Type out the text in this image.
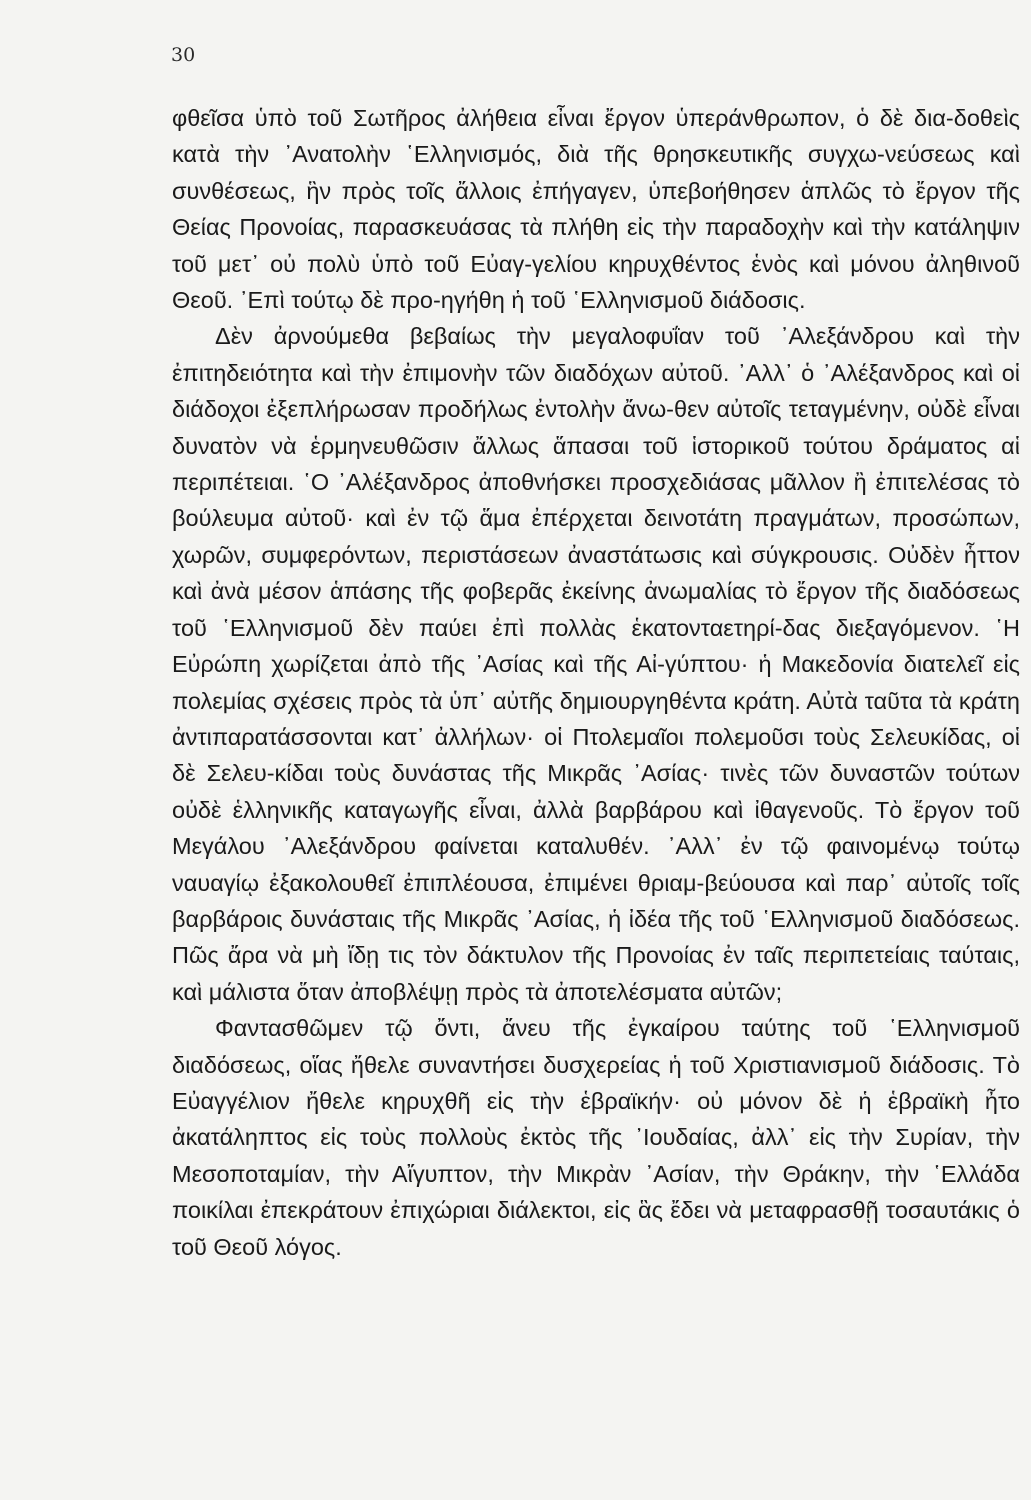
30

φθεῖσα ὑπὸ τοῦ Σωτῆρος ἀλήθεια εἶναι ἔργον ὑπεράνθρωπον, ὁ δὲ δια-δοθεὶς κατὰ τὴν ᾿Ανατολὴν ῾Ελληνισμός, διὰ τῆς θρησκευτικῆς συγχω-νεύσεως καὶ συνθέσεως, ἣν πρὸς τοῖς ἄλλοις ἐπήγαγεν, ὑπεβοήθησεν ἁπλῶς τὸ ἔργον τῆς Θείας Προνοίας, παρασκευάσας τὰ πλήθη εἰς τὴν παραδοχὴν καὶ τὴν κατάληψιν τοῦ μετ᾿ οὐ πολὺ ὑπὸ τοῦ Εὐαγ-γελίου κηρυχθέντος ἑνὸς καὶ μόνου ἀληθινοῦ Θεοῦ. ᾿Επὶ τούτῳ δὲ προ-ηγήθη ἡ τοῦ ῾Ελληνισμοῦ διάδοσις.

Δὲν ἀρνούμεθα βεβαίως τὴν μεγαλοφυΐαν τοῦ ᾿Αλεξάνδρου καὶ τὴν ἐπιτηδειότητα καὶ τὴν ἐπιμονὴν τῶν διαδόχων αὐτοῦ. ᾿Αλλ᾿ ὁ ᾿Αλέξανδρος καὶ οἱ διάδοχοι ἐξεπλήρωσαν προδήλως ἐντολὴν ἄνω-θεν αὐτοῖς τεταγμένην, οὐδὲ εἶναι δυνατὸν νὰ ἑρμηνευθῶσιν ἄλλως ἅπασαι τοῦ ἱστορικοῦ τούτου δράματος αἱ περιπέτειαι. ῾Ο ᾿Αλέξανδρος ἀποθνήσκει προσχεδιάσας μᾶλλον ἢ ἐπιτελέσας τὸ βούλευμα αὐτοῦ· καὶ ἐν τῷ ἅμα ἐπέρχεται δεινοτάτη πραγμάτων, προσώπων, χωρῶν, συμφερόντων, περιστάσεων ἀναστάτωσις καὶ σύγκρουσις. Οὐδὲν ἧττον καὶ ἀνὰ μέσον ἁπάσης τῆς φοβερᾶς ἐκείνης ἀνωμαλίας τὸ ἔργον τῆς διαδόσεως τοῦ ῾Ελληνισμοῦ δὲν παύει ἐπὶ πολλὰς ἑκατονταετηρί-δας διεξαγόμενον. ῾Η Εὐρώπη χωρίζεται ἀπὸ τῆς ᾿Ασίας καὶ τῆς Αἰ-γύπτου· ἡ Μακεδονία διατελεῖ εἰς πολεμίας σχέσεις πρὸς τὰ ὑπ᾿ αὐτῆς δημιουργηθέντα κράτη. Αὐτὰ ταῦτα τὰ κράτη ἀντιπαρατάσσονται κατ᾿ ἀλλήλων· οἱ Πτολεμαῖοι πολεμοῦσι τοὺς Σελευκίδας, οἱ δὲ Σελευ-κίδαι τοὺς δυνάστας τῆς Μικρᾶς ᾿Ασίας· τινὲς τῶν δυναστῶν τούτων οὐδὲ ἑλληνικῆς καταγωγῆς εἶναι, ἀλλὰ βαρβάρου καὶ ἰθαγενοῦς. Τὸ ἔργον τοῦ Μεγάλου ᾿Αλεξάνδρου φαίνεται καταλυθέν. ᾿Αλλ᾿ ἐν τῷ φαινομένῳ τούτῳ ναυαγίῳ ἐξακολουθεῖ ἐπιπλέουσα, ἐπιμένει θριαμ-βεύουσα καὶ παρ᾿ αὐτοῖς τοῖς βαρβάροις δυνάσταις τῆς Μικρᾶς ᾿Ασίας, ἡ ἰδέα τῆς τοῦ ῾Ελληνισμοῦ διαδόσεως. Πῶς ἄρα νὰ μὴ ἴδῃ τις τὸν δάκτυλον τῆς Προνοίας ἐν ταῖς περιπετείαις ταύταις, καὶ μάλιστα ὅταν ἀποβλέψῃ πρὸς τὰ ἀποτελέσματα αὐτῶν;

Φαντασθῶμεν τῷ ὄντι, ἄνευ τῆς ἐγκαίρου ταύτης τοῦ ῾Ελληνισμοῦ διαδόσεως, οἵας ἤθελε συναντήσει δυσχερείας ἡ τοῦ Χριστιανισμοῦ διάδοσις. Τὸ Εὐαγγέλιον ἤθελε κηρυχθῆ εἰς τὴν ἑβραϊκήν· οὐ μόνον δὲ ἡ ἑβραϊκὴ ἦτο ἀκατάληπτος εἰς τοὺς πολλοὺς ἐκτὸς τῆς ᾿Ιουδαίας, ἀλλ᾿ εἰς τὴν Συρίαν, τὴν Μεσοποταμίαν, τὴν Αἴγυπτον, τὴν Μικρὰν ᾿Ασίαν, τὴν Θράκην, τὴν ῾Ελλάδα ποικίλαι ἐπεκράτουν ἐπιχώριαι διάλεκτοι, εἰς ἃς ἔδει νὰ μεταφρασθῇ τοσαυτάκις ὁ τοῦ Θεοῦ λόγος.
